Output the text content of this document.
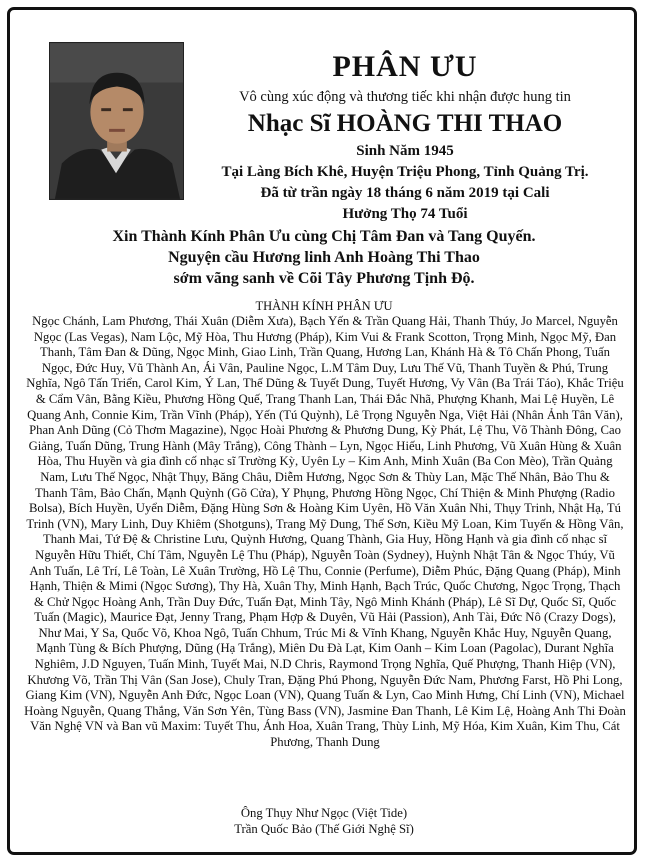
PHÂN ƯU
Vô cùng xúc động và thương tiếc khi nhận được hung tin
Nhạc Sĩ HOÀNG THI THAO
Sinh Năm 1945
Tại Làng Bích Khê, Huyện Triệu Phong, Tỉnh Quảng Trị.
Đã từ trần ngày 18 tháng 6 năm 2019 tại Cali
Hưởng Thọ 74 Tuổi
Xin Thành Kính Phân Ưu cùng Chị Tâm Đan và Tang Quyến.
Nguyện cầu Hương linh Anh Hoàng Thi Thao
sớm vãng sanh về Cõi Tây Phương Tịnh Độ.
THÀNH KÍNH PHÂN ƯU
Ngọc Chánh, Lam Phương, Thái Xuân (Diễm Xưa), Bạch Yến & Trần Quang Hải, Thanh Thúy, Jo Marcel, Nguyễn Ngọc (Las Vegas), Nam Lộc, Mỹ Hòa, Thu Hương (Pháp), Kim Vui & Frank Scotton, Trọng Minh, Ngọc Mỹ, Đan Thanh, Tâm Đan & Dũng, Ngọc Minh, Giao Linh, Trần Quang, Hương Lan, Khánh Hà & Tô Chấn Phong, Tuấn Ngọc, Đức Huy, Vũ Thành An, Ái Vân, Pauline Ngọc, L.M Tâm Duy, Lưu Thế Vũ, Thanh Tuyền & Phú, Trung Nghĩa, Ngô Tấn Triển, Carol Kim, Ý Lan, Thế Dũng & Tuyết Dung, Tuyết Hương, Vy Vân (Ba Trái Táo), Khắc Triệu & Cẩm Vân, Bằng Kiều, Phương Hồng Quế, Trang Thanh Lan, Thái Đắc Nhã, Phượng Khanh, Mai Lệ Huyền, Lê Quang Anh, Connie Kim, Trần Vĩnh (Pháp), Yến (Tú Quỳnh), Lê Trọng Nguyễn Nga, Việt Hải (Nhân Ảnh Tân Văn), Phan Anh Dũng (Cỏ Thơm Magazine), Ngọc Hoài Phương & Phương Dung, Kỳ Phát, Lệ Thu, Võ Thành Đông, Cao Giảng, Tuấn Dũng, Trung Hành (Mây Trắng), Công Thành – Lyn, Ngọc Hiếu, Linh Phương, Vũ Xuân Hùng & Xuân Hòa, Thu Huyền và gia đình cố nhạc sĩ Trường Kỳ, Uyên Ly – Kim Anh, Minh Xuân (Ba Con Mèo), Trần Quảng Nam, Lưu Thế Ngọc, Nhật Thụy, Băng Châu, Diễm Hương, Ngọc Sơn & Thùy Lan, Mặc Thế Nhân, Bảo Thu & Thanh Tâm, Bảo Chấn, Mạnh Quỳnh (Gõ Cửa), Y Phụng, Phương Hồng Ngọc, Chí Thiện & Minh Phượng (Radio Bolsa), Bích Huyền, Uyển Diễm, Đặng Hùng Sơn & Hoàng Kim Uyên, Hồ Văn Xuân Nhi, Thụy Trinh, Nhật Hạ, Tú Trinh (VN), Mary Linh, Duy Khiêm (Shotguns), Trang Mỹ Dung, Thế Sơn, Kiều Mỹ Loan, Kim Tuyến & Hồng Vân, Thanh Mai, Tứ Đệ & Christine Lưu, Quỳnh Hương, Quang Thành, Gia Huy, Hồng Hạnh và gia đình cố nhạc sĩ Nguyễn Hữu Thiết, Chí Tâm, Nguyễn Lệ Thu (Pháp), Nguyễn Toàn (Sydney), Huỳnh Nhật Tân & Ngọc Thúy, Vũ Anh Tuấn, Lê Trí, Lê Toàn, Lê Xuân Trường, Hồ Lệ Thu, Connie (Perfume), Diễm Phúc, Đặng Quang (Pháp), Minh Hạnh, Thiện & Mimi (Ngọc Sương), Thy Hà, Xuân Thy, Minh Hạnh, Bạch Trúc, Quốc Chương, Ngọc Trọng, Thạch & Chử Ngọc Hoàng Anh, Trần Duy Đức, Tuấn Đạt, Minh Tây, Ngô Minh Khánh (Pháp), Lê Sĩ Dự, Quốc Sĩ, Quốc Tuấn (Magic), Maurice Đạt, Jenny Trang, Phạm Hợp & Duyên, Vũ Hải (Passion), Anh Tài, Đức Nô (Crazy Dogs), Như Mai, Y Sa, Quốc Võ, Khoa Ngô, Tuấn Chhum, Trúc Mi & Vĩnh Khang, Nguyễn Khắc Huy, Nguyễn Quang, Mạnh Tùng & Bích Phượng, Dũng (Hạ Trắng), Miên Du Đà Lạt, Kim Oanh – Kim Loan (Pagolac), Durant Nghĩa Nghiêm, J.D Nguyen, Tuấn Minh, Tuyết Mai, N.D Chris, Raymond Trọng Nghĩa, Quế Phượng, Thanh Hiệp (VN), Khương Võ, Trần Thị Vân (San Jose), Chuly Tran, Đặng Phú Phong, Nguyễn Đức Nam, Phương Farst, Hồ Phi Long, Giang Kim (VN), Nguyễn Anh Đức, Ngọc Loan (VN), Quang Tuấn & Lyn, Cao Minh Hưng, Chí Linh (VN), Michael Hoàng Nguyễn, Quang Thắng, Văn Sơn Yên, Tùng Bass (VN), Jasmine Đan Thanh, Lê Kim Lệ, Hoàng Anh Thi Đoàn Văn Nghệ VN và Ban vũ Maxim: Tuyết Thu, Ánh Hoa, Xuân Trang, Thùy Linh, Mỹ Hóa, Kim Xuân, Kim Thu, Cát Phương, Thanh Dung
Ông Thụy Như Ngọc (Việt Tide)
Trần Quốc Bảo (Thế Giới Nghệ Sĩ)
